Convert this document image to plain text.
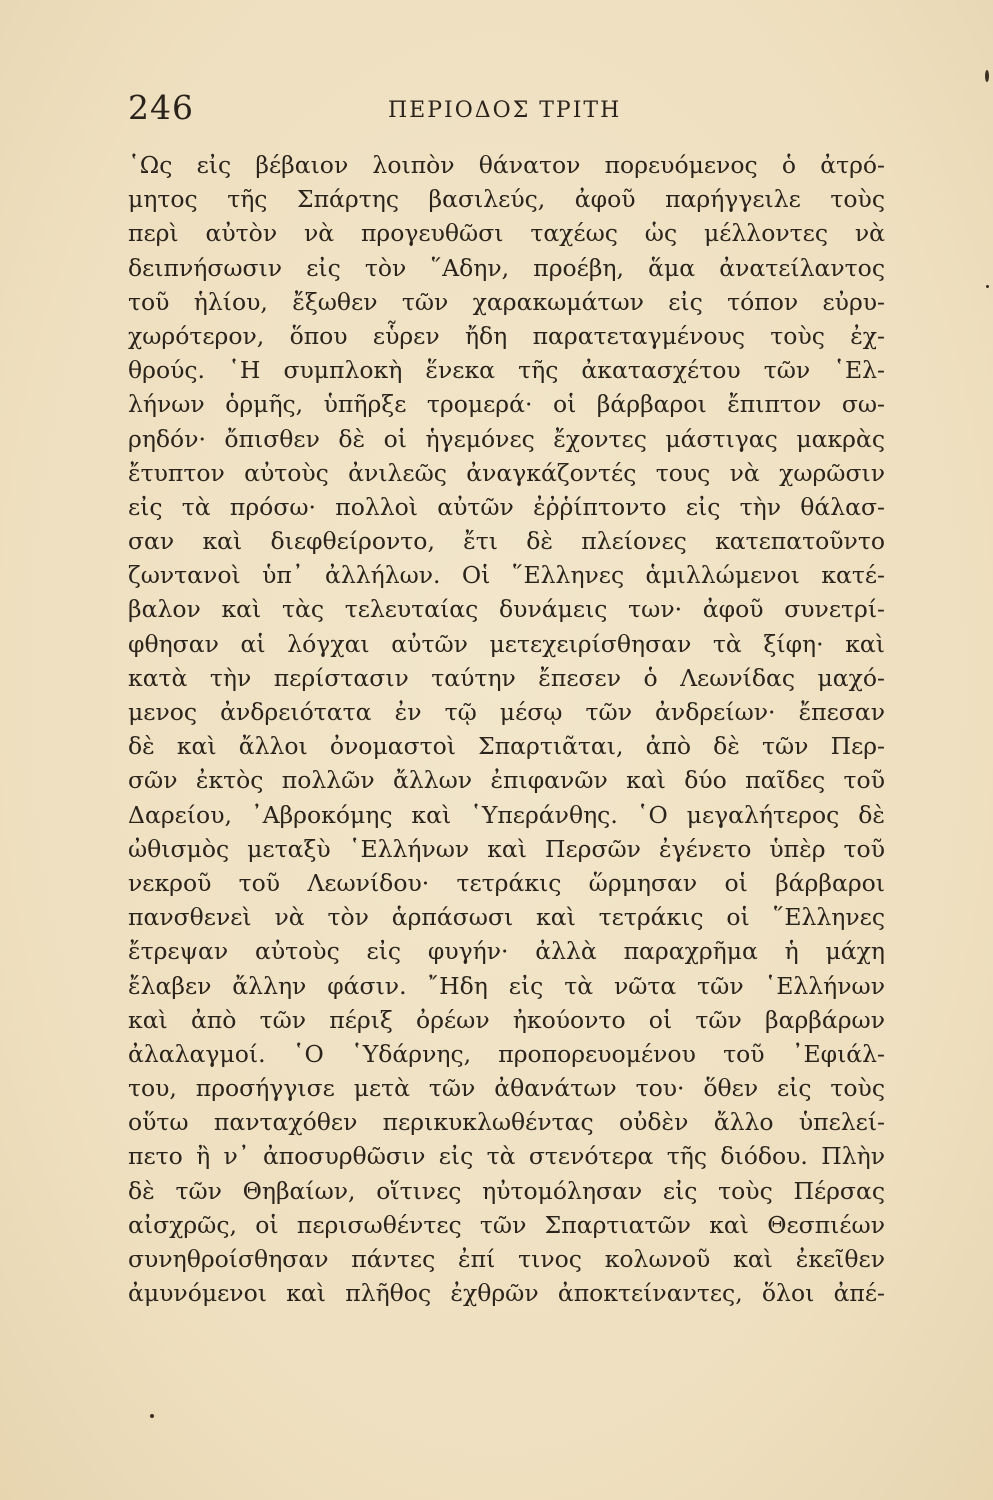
246	ΠΕΡΙΟΔΟΣ ΤΡΙΤΗ
῾Ως εἰς βέβαιον λοιπὸν θάνατον πορευόμενος ὁ ἀτρό-
μητος τῆς Σπάρτης βασιλεύς, ἀφοῦ παρήγγειλε τοὺς
περὶ αὐτὸν νὰ προγευθῶσι ταχέως ὡς μέλλοντες νὰ
δειπνήσωσιν εἰς τὸν ῞Αδην, προέβη, ἅμα ἀνατείλαντος
τοῦ ἡλίου, ἔξωθεν τῶν χαρακωμάτων εἰς τόπον εὐρυ-
χωρότερον, ὅπου εὗρεν ἤδη παρατεταγμένους τοὺς ἐχ-
θρούς. ῾Η συμπλοκὴ ἕνεκα τῆς ἀκατασχέτου τῶν ῾Ελ-
λήνων ὁρμῆς, ὑπῆρξε τρομερά· οἱ βάρβαροι ἔπιπτον σω-
ρηδόν· ὄπισθεν δὲ οἱ ἡγεμόνες ἔχοντες μάστιγας μακρὰς
ἔτυπτον αὐτοὺς ἀνιλεῶς ἀναγκάζοντές τους νὰ χωρῶσιν
εἰς τὰ πρόσω· πολλοὶ αὐτῶν ἐῤῥίπτοντο εἰς τὴν θάλασ-
σαν καὶ διεφθείροντο, ἔτι δὲ πλείονες κατεπατοῦντο
ζωντανοὶ ὑπ᾽ ἀλλήλων. Οἱ ῞Ελληνες ἁμιλλώμενοι κατέ-
βαλον καὶ τὰς τελευταίας δυνάμεις των· ἀφοῦ συνετρί-
φθησαν αἱ λόγχαι αὐτῶν μετεχειρίσθησαν τὰ ξίφη· καὶ
κατὰ τὴν περίστασιν ταύτην ἔπεσεν ὁ Λεωνίδας μαχό-
μενος ἀνδρειότατα ἐν τῷ μέσῳ τῶν ἀνδρείων· ἔπεσαν
δὲ καὶ ἄλλοι ὀνομαστοὶ Σπαρτιᾶται, ἀπὸ δὲ τῶν Περ-
σῶν ἐκτὸς πολλῶν ἄλλων ἐπιφανῶν καὶ δύο παῖδες τοῦ
Δαρείου, ᾿Αβροκόμης καὶ ῾Υπεράνθης. ῾Ο μεγαλήτερος δὲ
ὠθισμὸς μεταξὺ ῾Ελλήνων καὶ Περσῶν ἐγένετο ὑπὲρ τοῦ
νεκροῦ τοῦ Λεωνίδου· τετράκις ὥρμησαν οἱ βάρβαροι
πανσθενεὶ νὰ τὸν ἁρπάσωσι καὶ τετράκις οἱ ῞Ελληνες
ἔτρεψαν αὐτοὺς εἰς φυγήν· ἀλλὰ παραχρῆμα ἡ μάχη
ἔλαβεν ἄλλην φάσιν. ῎Ηδη εἰς τὰ νῶτα τῶν ῾Ελλήνων
καὶ ἀπὸ τῶν πέριξ ὀρέων ἠκούοντο οἱ τῶν βαρβάρων
ἀλαλαγμοί. ῾Ο ῾Υδάρνης, προπορευομένου τοῦ ᾿Εφιάλ-
του, προσήγγισε μετὰ τῶν ἀθανάτων του· ὅθεν εἰς τοὺς
οὕτω πανταχόθεν περικυκλωθέντας οὐδὲν ἄλλο ὑπελεί-
πετο ἢ ν᾽ ἀποσυρθῶσιν εἰς τὰ στενότερα τῆς διόδου. Πλὴν
δὲ τῶν Θηβαίων, οἵτινες ηὐτομόλησαν εἰς τοὺς Πέρσας
αἰσχρῶς, οἱ περισωθέντες τῶν Σπαρτιατῶν καὶ Θεσπιέων
συνηθροίσθησαν πάντες ἐπί τινος κολωνοῦ καὶ ἐκεῖθεν
ἀμυνόμενοι καὶ πλῆθος ἐχθρῶν ἀποκτείναντες, ὅλοι ἀπέ-
